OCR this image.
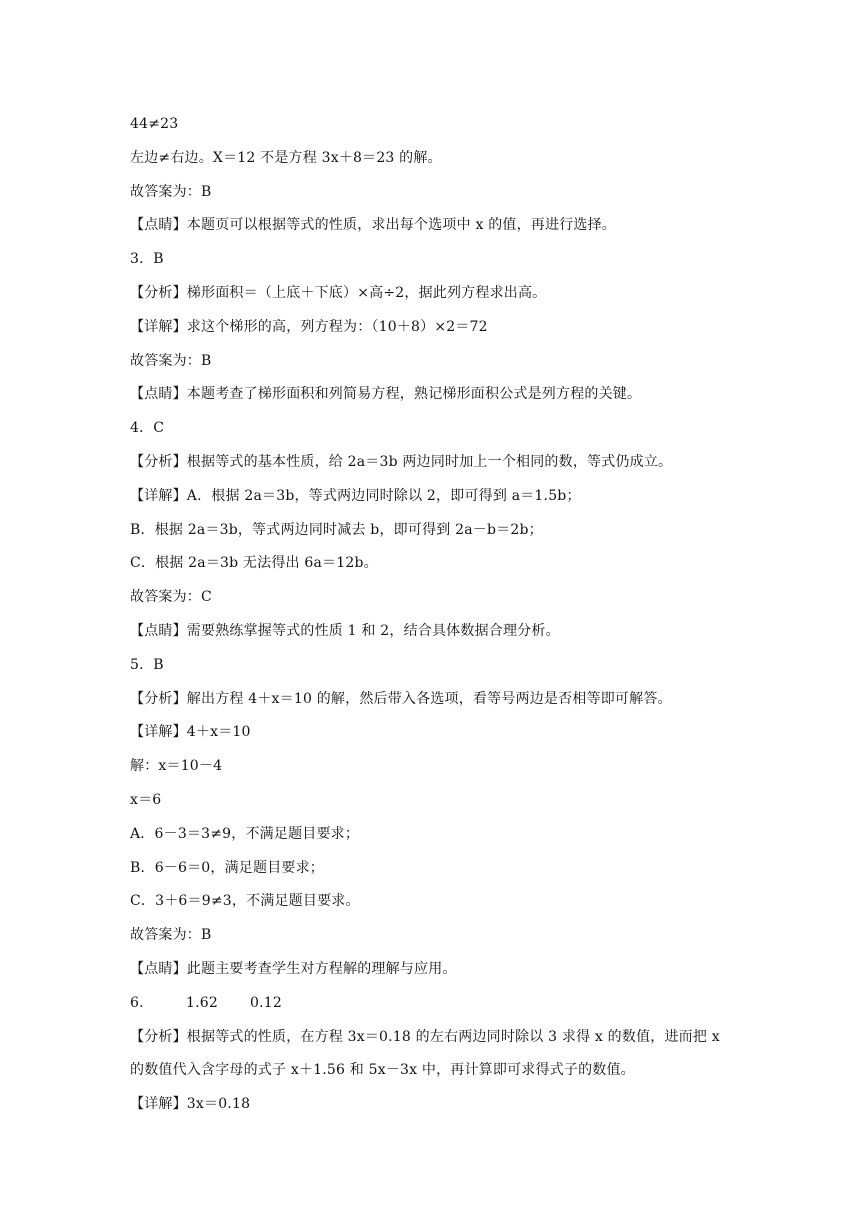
44≠23
左边≠右边。X＝12 不是方程 3x＋8＝23 的解。
故答案为：B
【点睛】本题页可以根据等式的性质，求出每个选项中 x 的值，再进行选择。
3．B
【分析】梯形面积＝（上底＋下底）×高÷2，据此列方程求出高。
【详解】求这个梯形的高，列方程为：（10＋8）×2＝72
故答案为：B
【点睛】本题考查了梯形面积和列简易方程，熟记梯形面积公式是列方程的关键。
4．C
【分析】根据等式的基本性质，给 2a＝3b 两边同时加上一个相同的数，等式仍成立。
【详解】A．根据 2a＝3b，等式两边同时除以 2，即可得到 a＝1.5b；
B．根据 2a＝3b，等式两边同时减去 b，即可得到 2a－b＝2b；
C．根据 2a＝3b 无法得出 6a＝12b。
故答案为：C
【点睛】需要熟练掌握等式的性质 1 和 2，结合具体数据合理分析。
5．B
【分析】解出方程 4＋x＝10 的解，然后带入各选项，看等号两边是否相等即可解答。
【详解】4＋x＝10
解：x＝10－4
x＝6
A．6－3＝3≠9，不满足题目要求；
B．6－6＝0，满足题目要求；
C．3＋6＝9≠3，不满足题目要求。
故答案为：B
【点睛】此题主要考查学生对方程解的理解与应用。
6． 1.62 0.12
【分析】根据等式的性质，在方程 3x＝0.18 的左右两边同时除以 3 求得 x 的数值，进而把 x
的数值代入含字母的式子 x＋1.56 和 5x－3x 中，再计算即可求得式子的数值。
【详解】3x＝0.18
